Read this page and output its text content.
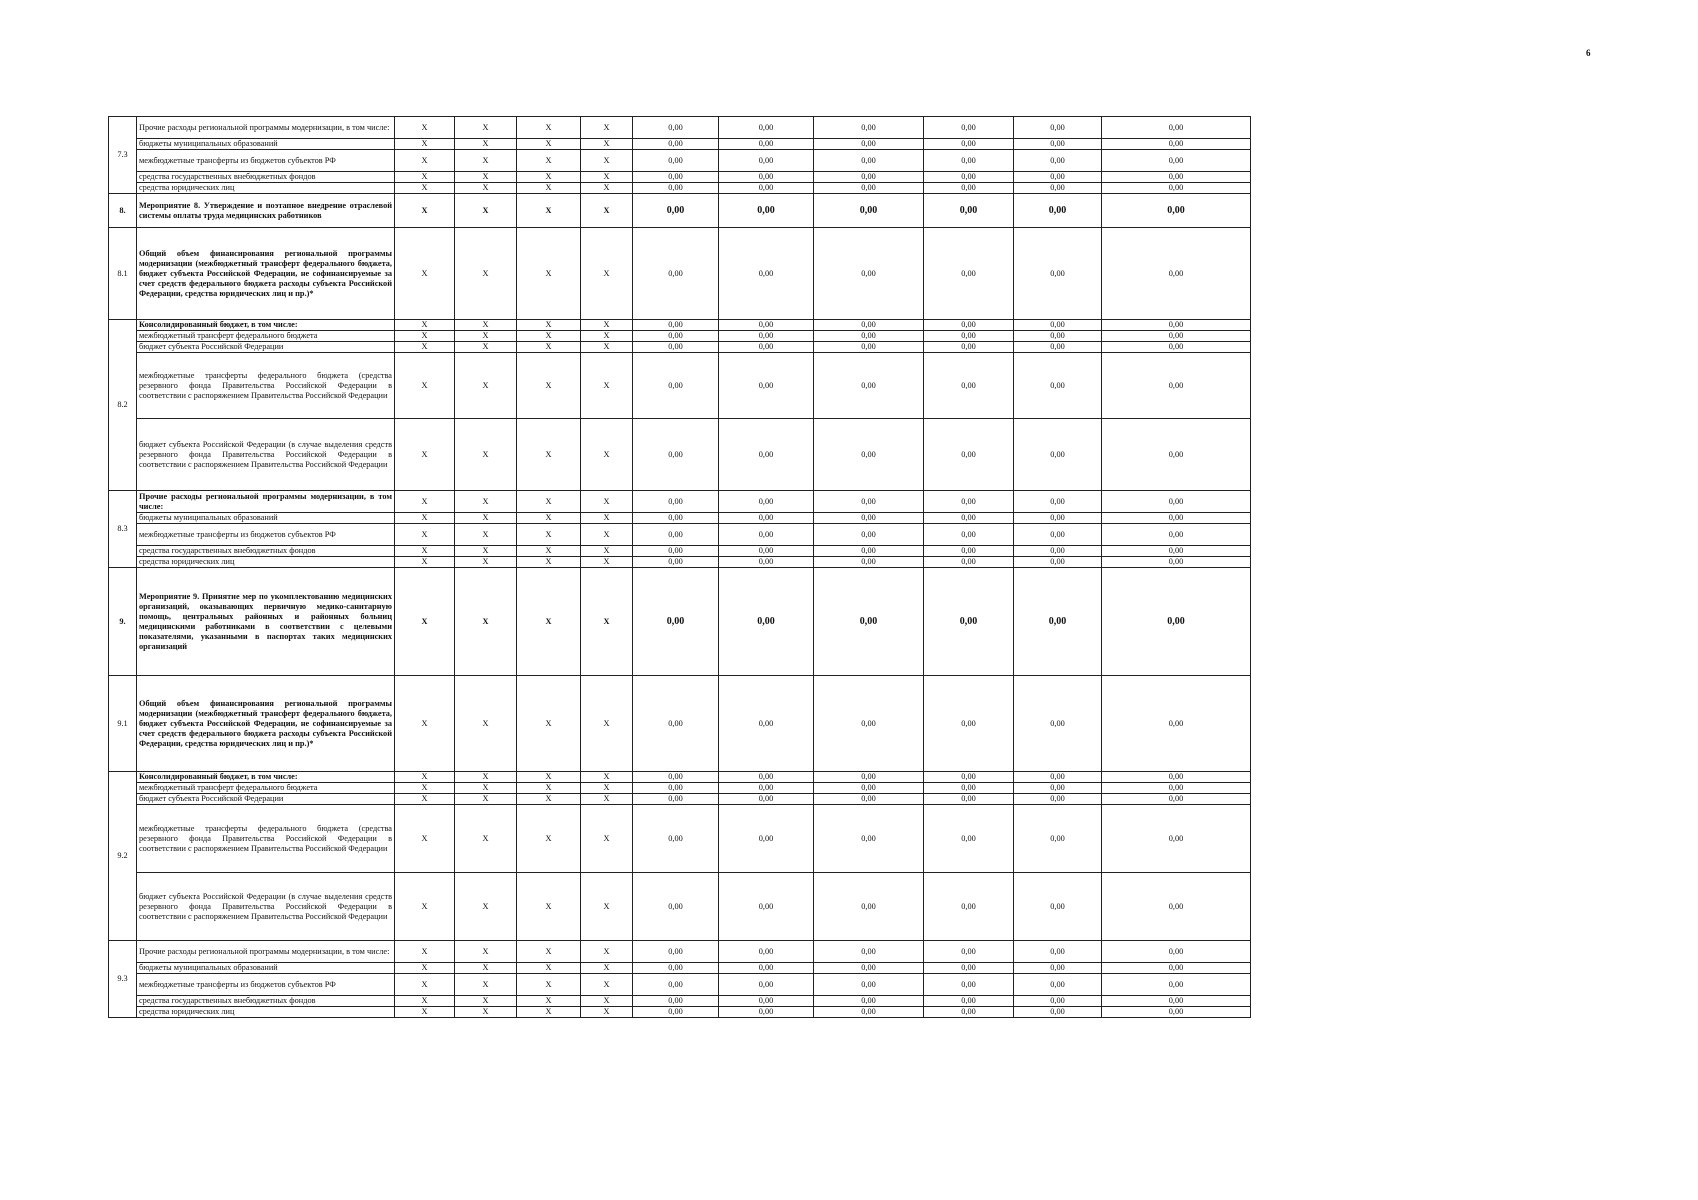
6
7.3	Прочие расходы региональной программы модернизации, в том числе:	X	X	X	X	0,00	0,00	0,00	0,00	0,00	0,00
	бюджеты муниципальных образований	X	X	X	X	0,00	0,00	0,00	0,00	0,00	0,00
	межбюджетные трансферты из бюджетов субъектов РФ	X	X	X	X	0,00	0,00	0,00	0,00	0,00	0,00
	средства государственных внебюджетных фондов	X	X	X	X	0,00	0,00	0,00	0,00	0,00	0,00
	средства юридических лиц	X	X	X	X	0,00	0,00	0,00	0,00	0,00	0,00
8.	Мероприятие 8. Утверждение и поэтапное внедрение отраслевой системы оплаты труда медицинских работников	X	X	X	X	0,00	0,00	0,00	0,00	0,00	0,00
8.1	Общий объем финансирования региональной программы модернизации (межбюджетный трансферт федерального бюджета, бюджет субъекта Российской Федерации, не софинансируемые за счет средств федерального бюджета расходы субъекта Российской Федерации, средства юридических лиц и пр.)*	X	X	X	X	0,00	0,00	0,00	0,00	0,00	0,00
8.2	Консолидированный бюджет, в том числе:	X	X	X	X	0,00	0,00	0,00	0,00	0,00	0,00
	межбюджетный трансферт федерального бюджета	X	X	X	X	0,00	0,00	0,00	0,00	0,00	0,00
	бюджет субъекта Российской Федерации	X	X	X	X	0,00	0,00	0,00	0,00	0,00	0,00
	межбюджетные трансферты федерального бюджета (средства резервного фонда Правительства Российской Федерации в соответствии с распоряжением Правительства Российской Федерации	X	X	X	X	0,00	0,00	0,00	0,00	0,00	0,00
	бюджет субъекта Российской Федерации (в случае выделения средств резервного фонда Правительства Российской Федерации в соответствии с распоряжением Правительства Российской Федерации	X	X	X	X	0,00	0,00	0,00	0,00	0,00	0,00
8.3	Прочие расходы региональной программы модернизации, в том числе:	X	X	X	X	0,00	0,00	0,00	0,00	0,00	0,00
	бюджеты муниципальных образований	X	X	X	X	0,00	0,00	0,00	0,00	0,00	0,00
	межбюджетные трансферты из бюджетов субъектов РФ	X	X	X	X	0,00	0,00	0,00	0,00	0,00	0,00
	средства государственных внебюджетных фондов	X	X	X	X	0,00	0,00	0,00	0,00	0,00	0,00
	средства юридических лиц	X	X	X	X	0,00	0,00	0,00	0,00	0,00	0,00
9.	Мероприятие 9. Принятие мер по укомплектованию медицинских организаций, оказывающих первичную медико-санитарную помощь, центральных районных и районных больниц медицинскими работниками в соответствии с целевыми показателями, указанными в паспортах таких медицинских организаций	X	X	X	X	0,00	0,00	0,00	0,00	0,00	0,00
9.1	Общий объем финансирования региональной программы модернизации (межбюджетный трансферт федерального бюджета, бюджет субъекта Российской Федерации, не софинансируемые за счет средств федерального бюджета расходы субъекта Российской Федерации, средства юридических лиц и пр.)*	X	X	X	X	0,00	0,00	0,00	0,00	0,00	0,00
9.2	Консолидированный бюджет, в том числе:	X	X	X	X	0,00	0,00	0,00	0,00	0,00	0,00
	межбюджетный трансферт федерального бюджета	X	X	X	X	0,00	0,00	0,00	0,00	0,00	0,00
	бюджет субъекта Российской Федерации	X	X	X	X	0,00	0,00	0,00	0,00	0,00	0,00
	межбюджетные трансферты федерального бюджета (средства резервного фонда Правительства Российской Федерации в соответствии с распоряжением Правительства Российской Федерации	X	X	X	X	0,00	0,00	0,00	0,00	0,00	0,00
	бюджет субъекта Российской Федерации (в случае выделения средств резервного фонда Правительства Российской Федерации в соответствии с распоряжением Правительства Российской Федерации	X	X	X	X	0,00	0,00	0,00	0,00	0,00	0,00
9.3	Прочие расходы региональной программы модернизации, в том числе:	X	X	X	X	0,00	0,00	0,00	0,00	0,00	0,00
	бюджеты муниципальных образований	X	X	X	X	0,00	0,00	0,00	0,00	0,00	0,00
	межбюджетные трансферты из бюджетов субъектов РФ	X	X	X	X	0,00	0,00	0,00	0,00	0,00	0,00
	средства государственных внебюджетных фондов	X	X	X	X	0,00	0,00	0,00	0,00	0,00	0,00
	средства юридических лиц	X	X	X	X	0,00	0,00	0,00	0,00	0,00	0,00
